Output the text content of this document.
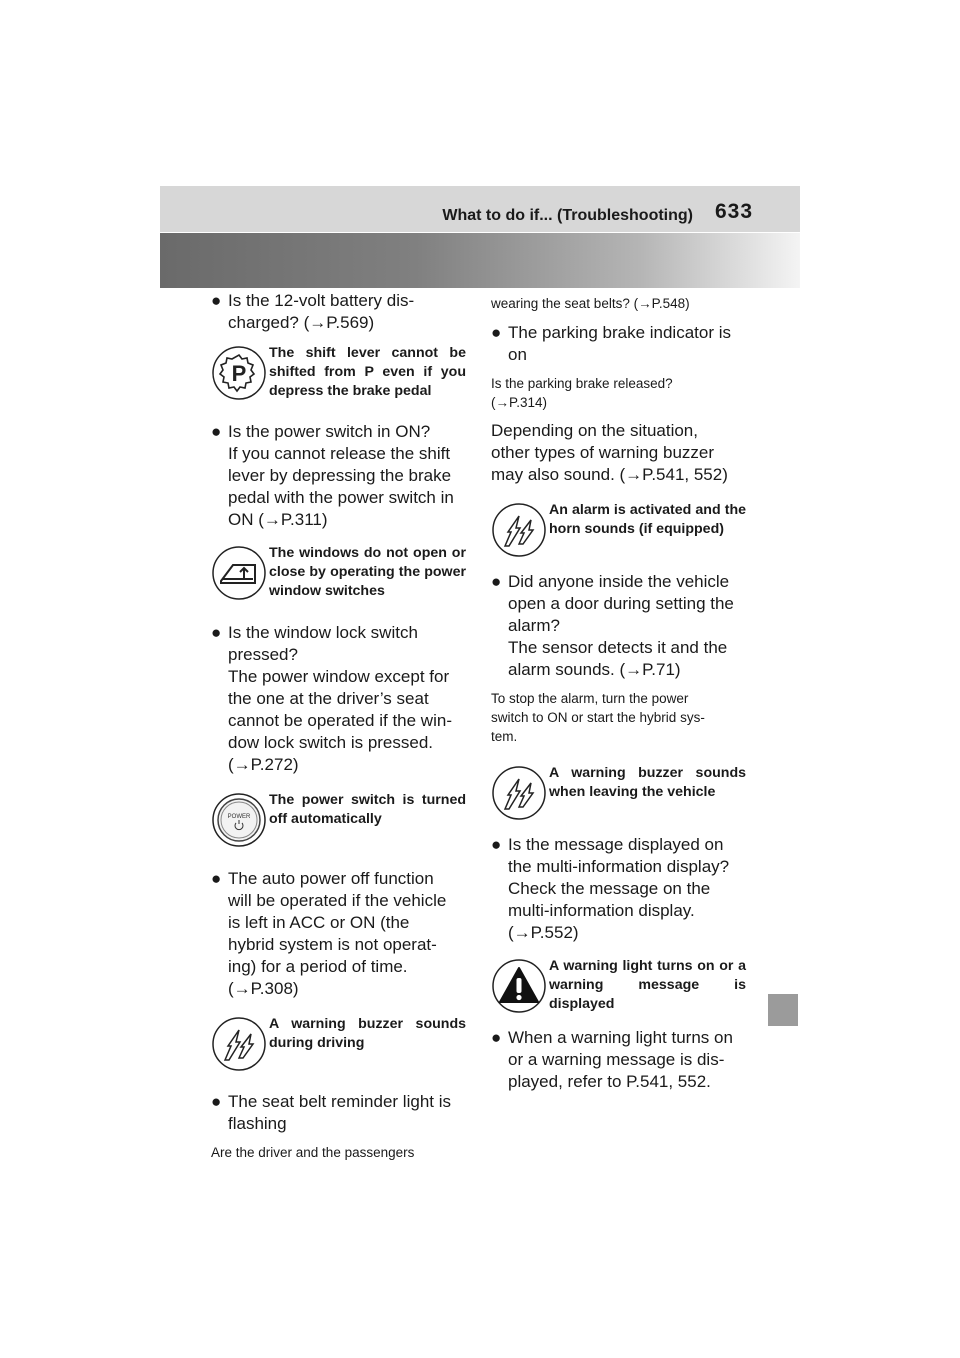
What to do if... (Troubleshooting) 633
● Is the 12-volt battery dis-
charged? (→P.569)
P
The shift lever cannot be shifted from P even if you depress the brake pedal
● Is the power switch in ON?
If you cannot release the shift
lever by depressing the brake
pedal with the power switch in
ON (→P.311)
The windows do not open or close by operating the power window switches
● Is the window lock switch
pressed?
The power window except for
the one at the driver’s seat
cannot be operated if the win-
dow lock switch is pressed.
(→P.272)
POWER
The power switch is turned off automatically
● The auto power off function
will be operated if the vehicle
is left in ACC or ON (the
hybrid system is not operat-
ing) for a period of time.
(→P.308)
A warning buzzer sounds during driving
● The seat belt reminder light is
flashing
Are the driver and the passengers
wearing the seat belts? (→P.548)
● The parking brake indicator is
on
Is the parking brake released?
(→P.314)
Depending on the situation,
other types of warning buzzer
may also sound. (→P.541, 552)
An alarm is activated and the horn sounds (if equipped)
● Did anyone inside the vehicle
open a door during setting the
alarm?
The sensor detects it and the
alarm sounds. (→P.71)
To stop the alarm, turn the power
switch to ON or start the hybrid sys-
tem.
A warning buzzer sounds when leaving the vehicle
● Is the message displayed on
the multi-information display?
Check the message on the
multi-information display.
(→P.552)
A warning light turns on or a warning message is displayed
● When a warning light turns on
or a warning message is dis-
played, refer to P.541, 552.
